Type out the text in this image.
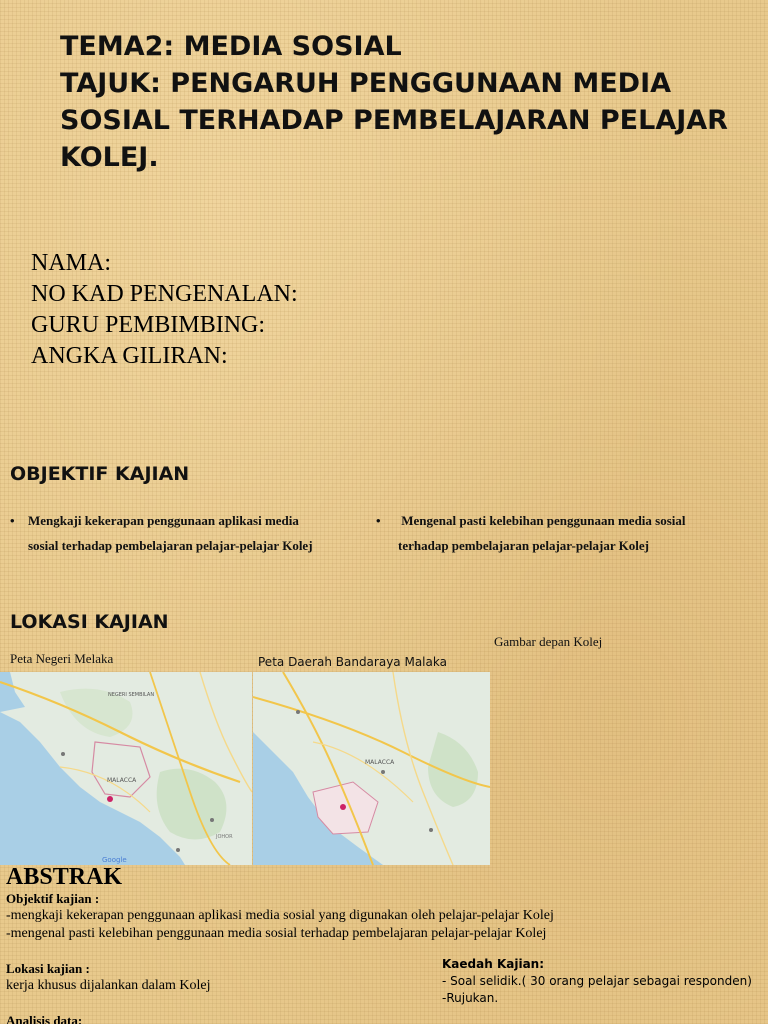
TEMA2: MEDIA SOSIAL
TAJUK: PENGARUH PENGGUNAAN MEDIA
SOSIAL TERHADAP PEMBELAJARAN PELAJAR
KOLEJ.
NAMA:
NO KAD PENGENALAN:
GURU PEMBIMBING:
ANGKA GILIRAN:
OBJEKTIF KAJIAN
• Mengkaji kekerapan penggunaan aplikasi media
sosial terhadap pembelajaran pelajar-pelajar Kolej
• Mengenal pasti kelebihan penggunaan media sosial
terhadap pembelajaran pelajar-pelajar Kolej
LOKASI KAJIAN
Gambar depan Kolej
Peta Negeri Melaka	Peta Daerah Bandaraya Malaka
NEGERI SEMBILAN
MALACCA
JOHOR
Google
MALACCA
ABSTRAK
Objektif kajian :
-mengkaji kekerapan penggunaan aplikasi media sosial yang digunakan oleh pelajar-pelajar Kolej
-mengenal pasti kelebihan penggunaan media sosial terhadap pembelajaran pelajar-pelajar Kolej
Lokasi kajian :
kerja khusus dijalankan dalam Kolej
Kaedah Kajian:
- Soal selidik.( 30 orang pelajar sebagai responden)
-Rujukan.
Analisis data:
